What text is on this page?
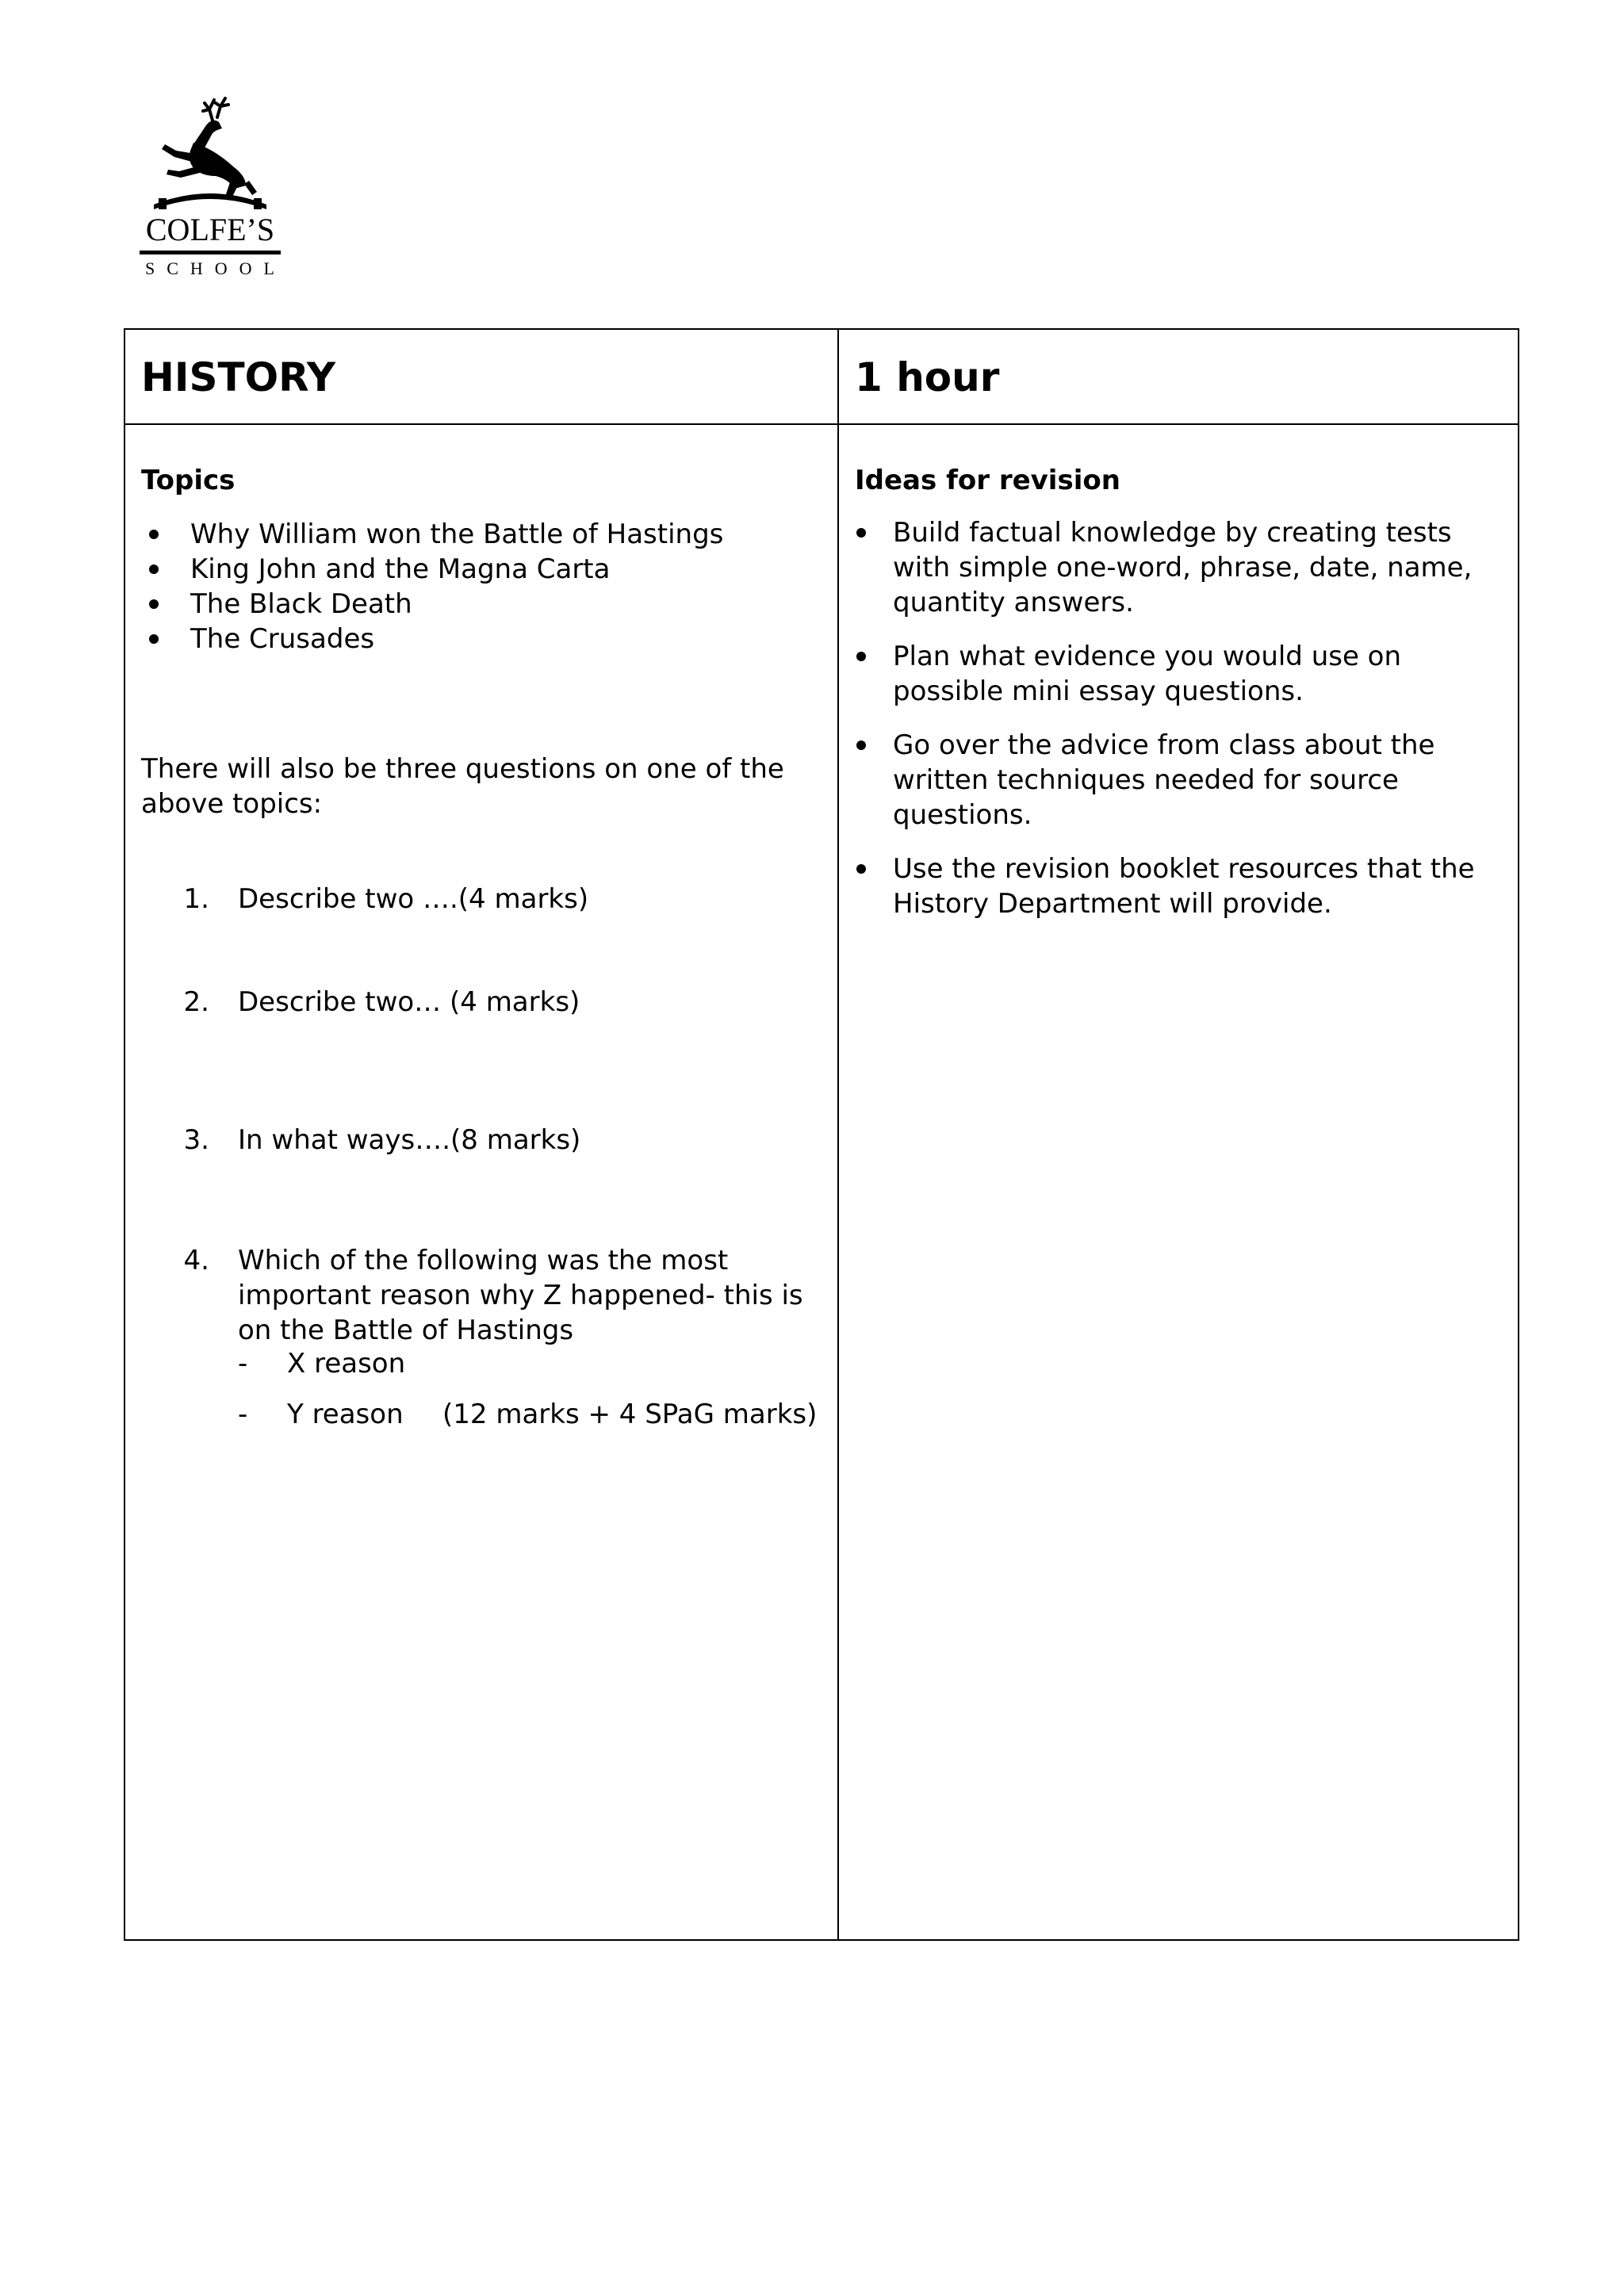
COLFE’S
SCHOOL
HISTORY	1 hour
Topics
Why William won the Battle of Hastings
King John and the Magna Carta
The Black Death
The Crusades
There will also be three questions on one of the above topics:
1. Describe two ….(4 marks)
2. Describe two… (4 marks)
3. In what ways….(8 marks)
4. Which of the following was the most important reason why Z happened- this is on the Battle of Hastings
- X reason
- Y reason (12 marks + 4 SPaG marks)
Ideas for revision
Build factual knowledge by creating tests with simple one-word, phrase, date, name, quantity answers.
Plan what evidence you would use on possible mini essay questions.
Go over the advice from class about the written techniques needed for source questions.
Use the revision booklet resources that the History Department will provide.
